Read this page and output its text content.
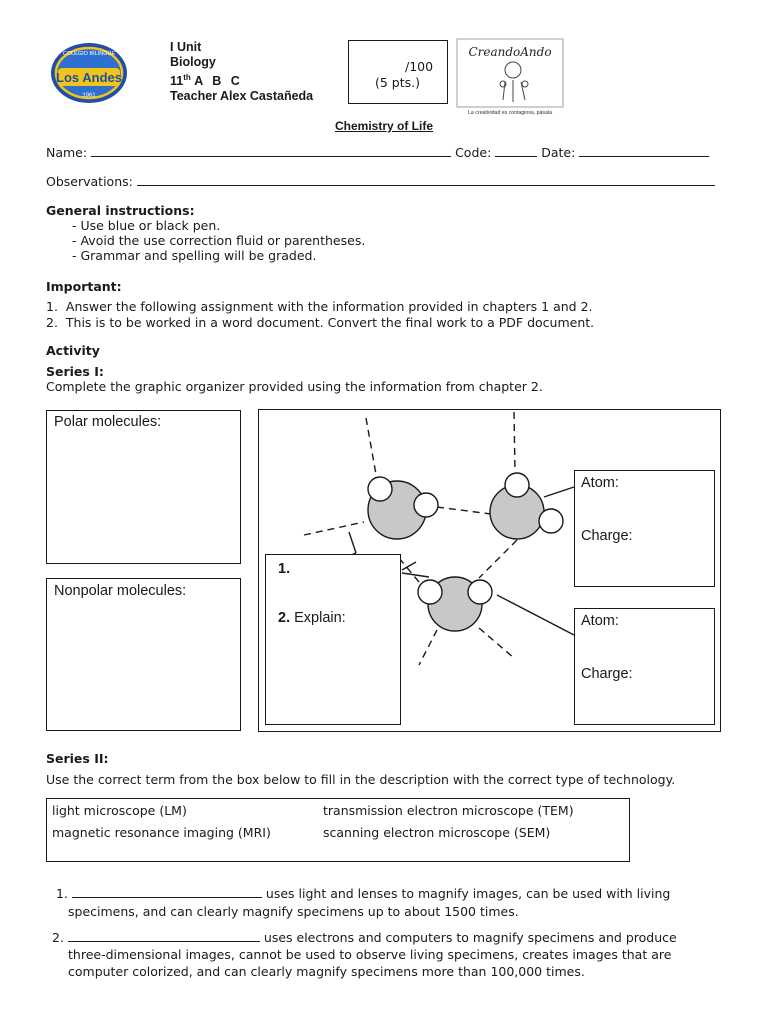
COLEGIO BILINGÜE
Los Andes
1961
I Unit
Biology
11th A B C
Teacher Alex Castañeda
/100
(5 pts.)
CreandoAndo
La creatividad es contagiosa, pásala
Chemistry of Life
Name:	Code:	Date:
Observations:
General instructions:
- Use blue or black pen.
- Avoid the use correction fluid or parentheses.
- Grammar and spelling will be graded.
Important:
1. Answer the following assignment with the information provided in chapters 1 and 2.
2. This is to be worked in a word document. Convert the final work to a PDF document.
Activity
Series I:
Complete the graphic organizer provided using the information from chapter 2.
Polar molecules:
Nonpolar molecules:
1.
2. Explain:
Atom:
Charge:
Atom:
Charge:
Series II:
Use the correct term from the box below to fill in the description with the correct type of technology.
light microscope (LM)	transmission electron microscope (TEM)
magnetic resonance imaging (MRI)	scanning electron microscope (SEM)
1.	uses light and lenses to magnify images, can be used with living
specimens, and can clearly magnify specimens up to about 1500 times.
2.	uses electrons and computers to magnify specimens and produce
three-dimensional images, cannot be used to observe living specimens, creates images that are
computer colorized, and can clearly magnify specimens more than 100,000 times.
